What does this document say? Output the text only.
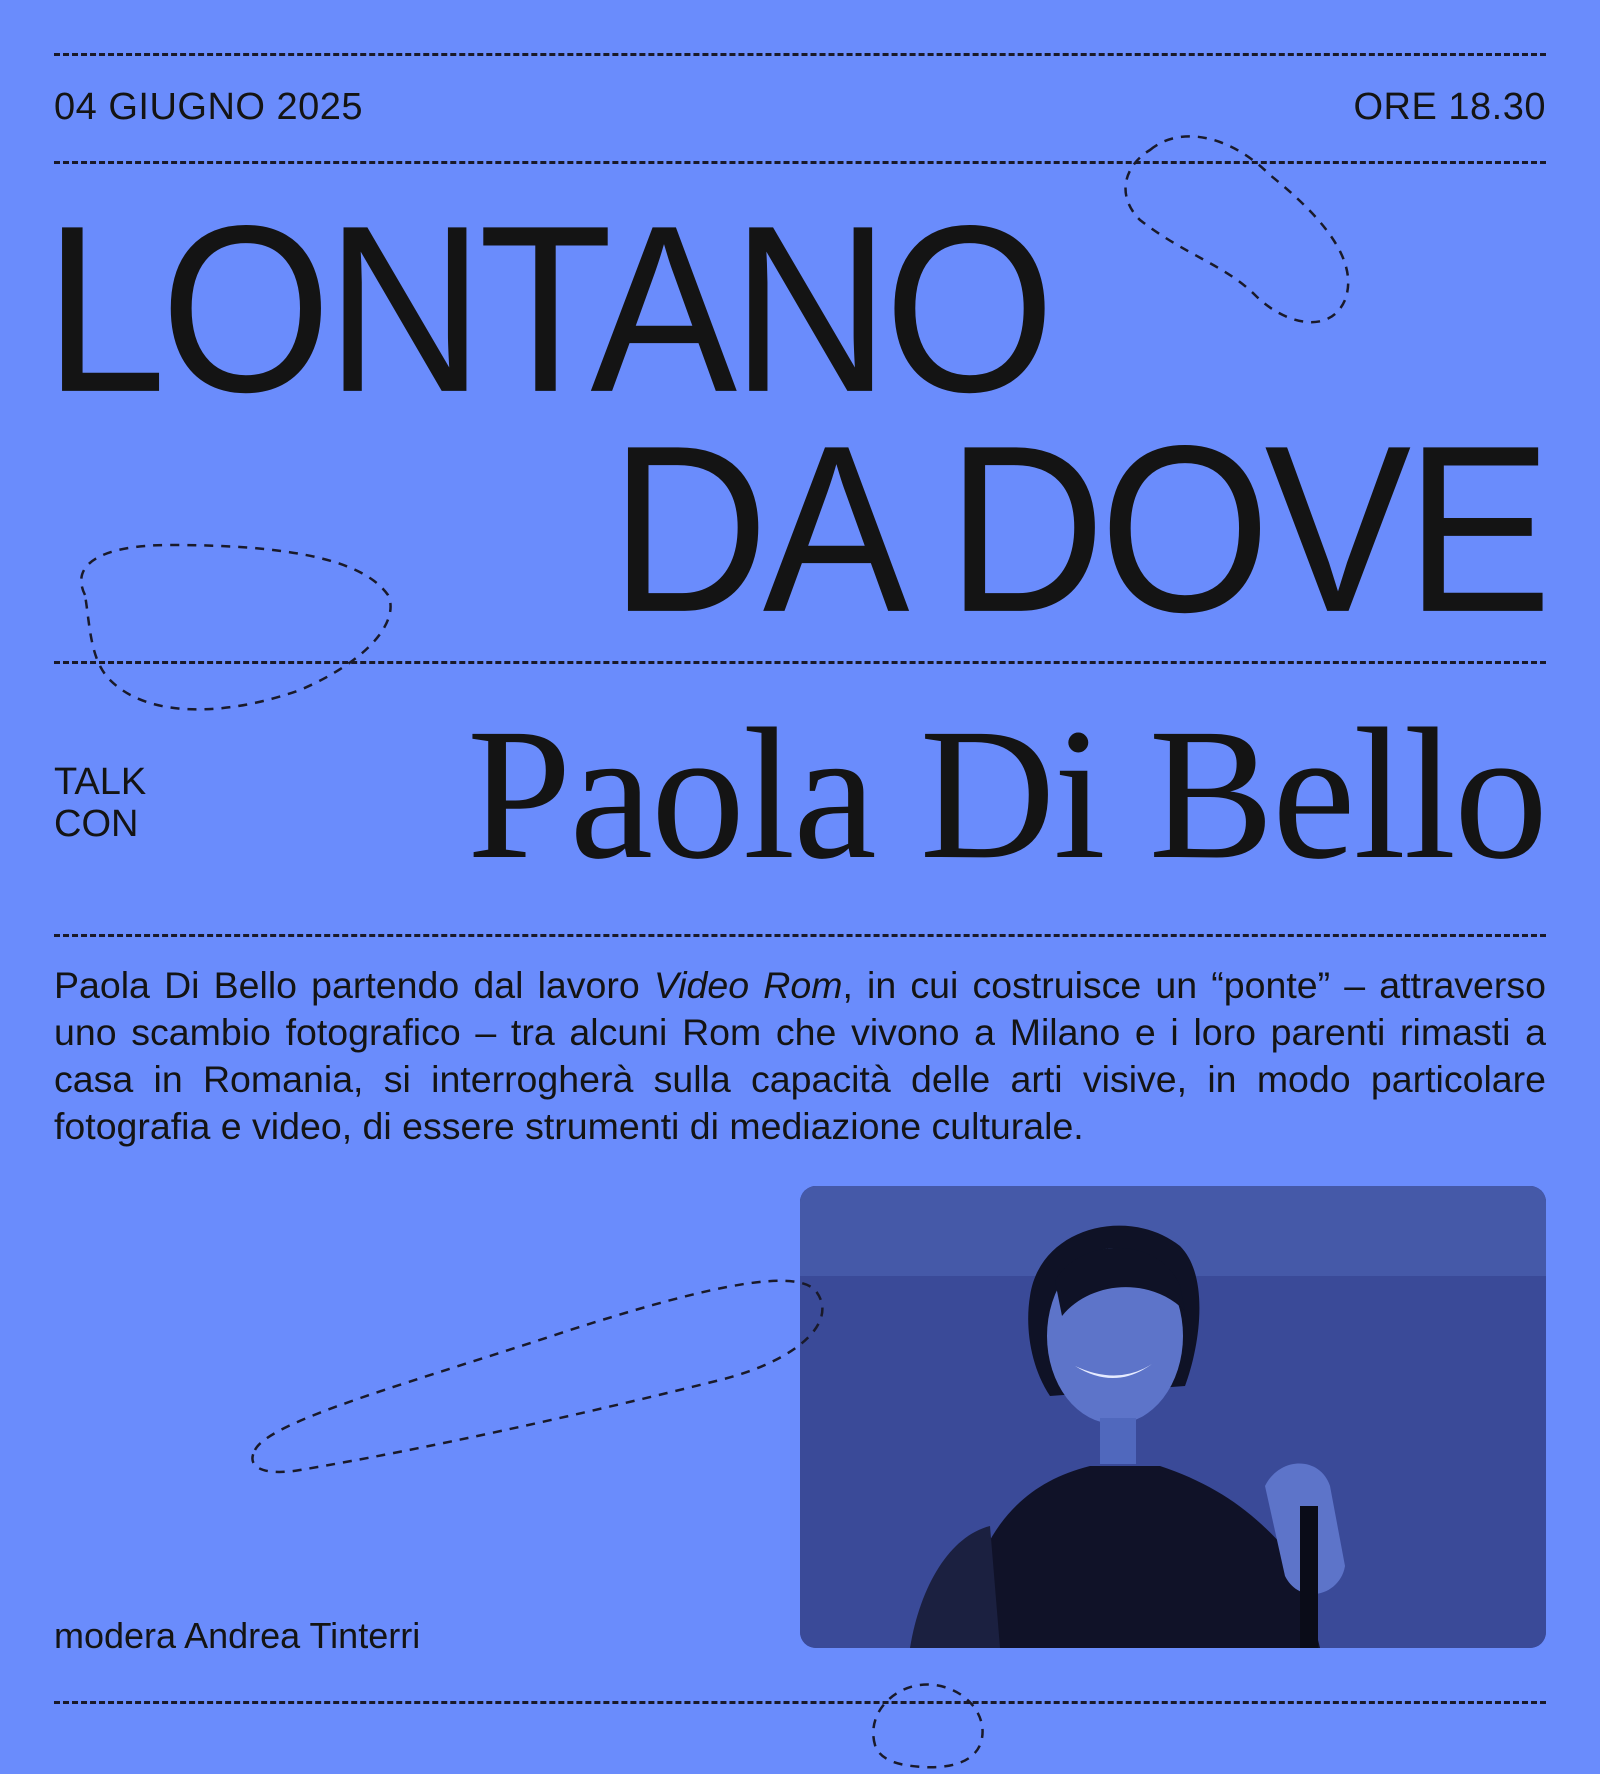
04 GIUGNO 2025	ORE 18.30

LONTANO
DA DOVE
TALK
CON Paola Di Bello

Paola Di Bello partendo dal lavoro Video Rom, in cui costruisce un “ponte” – attraverso uno scambio fotografico – tra alcuni Rom che vivono a Milano e i loro parenti rimasti a casa in Romania, si interrogherà sulla capacità delle arti visive, in modo particolare fotografia e video, di essere strumenti di mediazione culturale.

modera Andrea Tinterri
